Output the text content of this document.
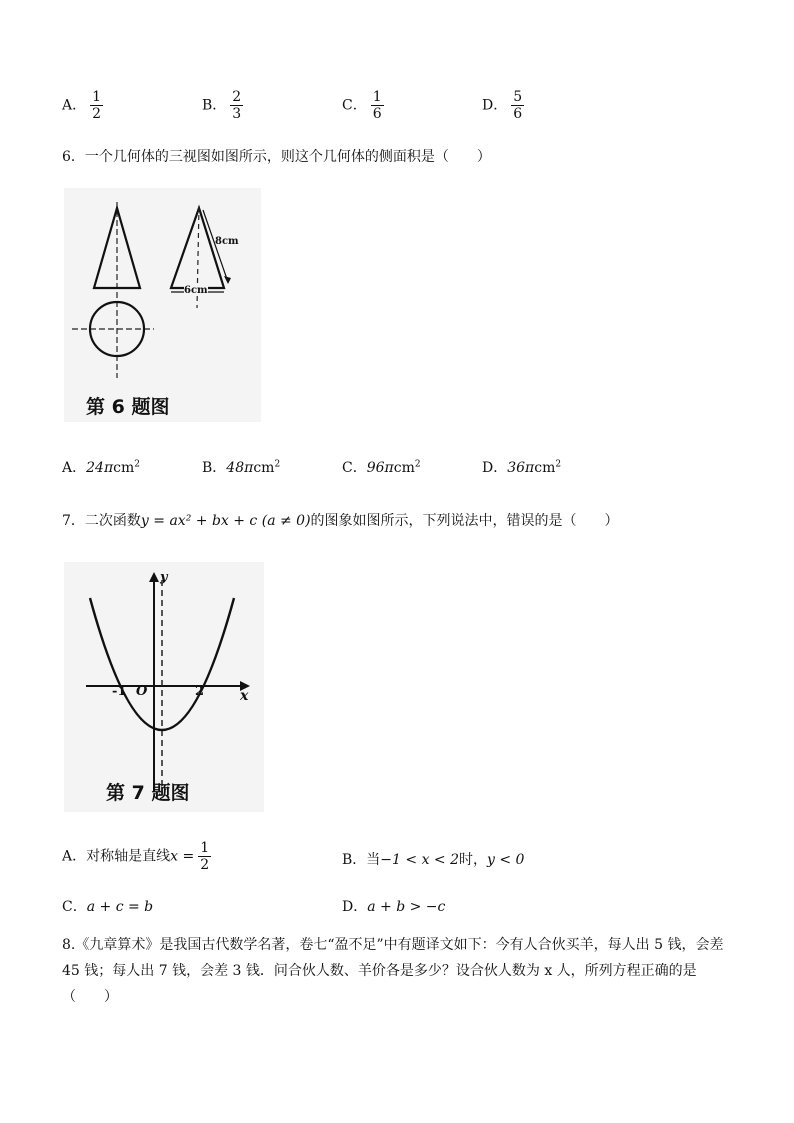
A． $\frac{1}{2}$	B． $\frac{2}{3}$	C． $\frac{1}{6}$	D． $\frac{5}{6}$
6．一个几何体的三视图如图所示，则这个几何体的侧面积是（　　）
8cm
6cm
第 6 题图
A．24πcm$^2$	B．48πcm$^2$	C．96πcm$^2$	D．36πcm$^2$
7．二次函数y = ax² + bx + c (a ≠ 0)的图象如图所示，下列说法中，错误的是（　　）
y
x
O
-1	2
第 7 题图
A．对称轴是直线$x = \frac{1}{2}$	B．当−1 < x < 2时，y < 0
C．a + c = b	D．a + b > −c
8.《九章算术》是我国古代数学名著，卷七“盈不足”中有题译文如下：今有人合伙买羊，每人出 5 钱，会差 45 钱；每人出 7 钱，会差 3 钱．问合伙人数、羊价各是多少？设合伙人数为 x 人，所列方程正确的是（　　）
